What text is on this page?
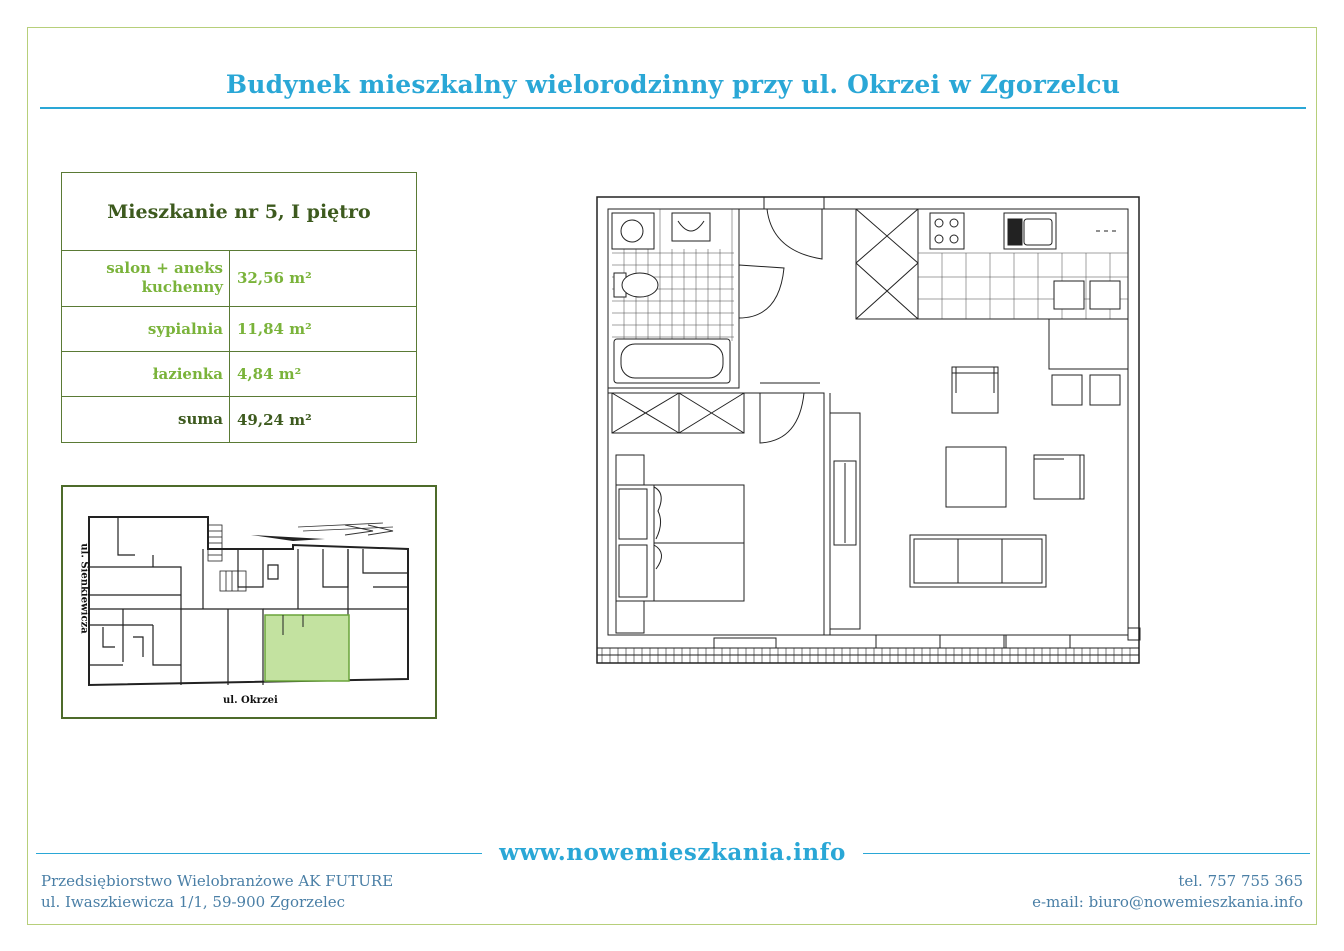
Budynek mieszkalny wielorodzinny przy ul. Okrzei w Zgorzelcu
Mieszkanie nr 5, I piętro
salon + aneks
kuchenny 32,56 m²
sypialnia 11,84 m²
łazienka 4,84 m²
suma 49,24 m²
ul. Sienkiewicza
ul. Okrzei
www.nowemieszkania.info
Przedsiębiorstwo Wielobranżowe AK FUTURE
ul. Iwaszkiewicza 1/1, 59-900 Zgorzelec
tel. 757 755 365
e-mail: biuro@nowemieszkania.info
